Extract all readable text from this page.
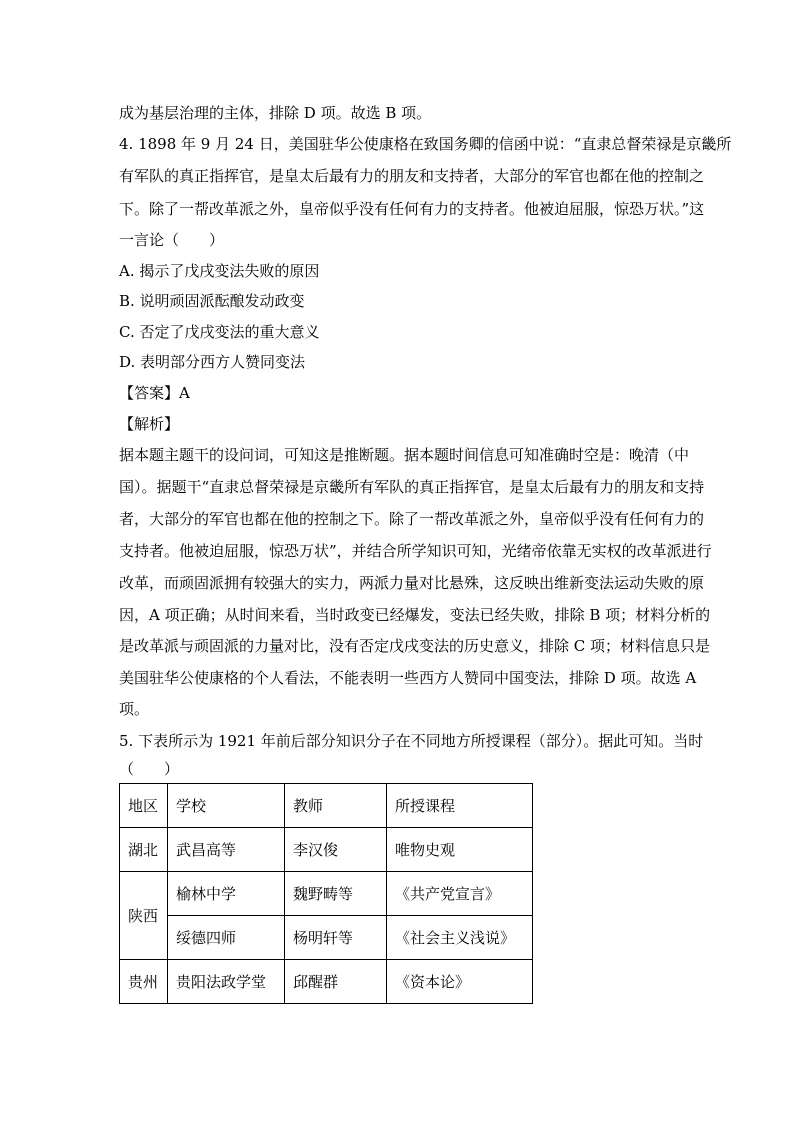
成为基层治理的主体，排除 D 项。故选 B 项。
4. 1898 年 9 月 24 日，美国驻华公使康格在致国务卿的信函中说：“直隶总督荣禄是京畿所
有军队的真正指挥官，是皇太后最有力的朋友和支持者，大部分的军官也都在他的控制之
下。除了一帮改革派之外，皇帝似乎没有任何有力的支持者。他被迫屈服，惊恐万状。”这
一言论（　　）
A. 揭示了戊戌变法失败的原因
B. 说明顽固派酝酿发动政变
C. 否定了戊戌变法的重大意义
D. 表明部分西方人赞同变法
【答案】A
【解析】
据本题主题干的设问词，可知这是推断题。据本题时间信息可知准确时空是：晚清（中
国）。据题干“直隶总督荣禄是京畿所有军队的真正指挥官，是皇太后最有力的朋友和支持
者，大部分的军官也都在他的控制之下。除了一帮改革派之外，皇帝似乎没有任何有力的
支持者。他被迫屈服，惊恐万状”，并结合所学知识可知，光绪帝依靠无实权的改革派进行
改革，而顽固派拥有较强大的实力，两派力量对比悬殊，这反映出维新变法运动失败的原
因，A 项正确；从时间来看，当时政变已经爆发，变法已经失败，排除 B 项；材料分析的
是改革派与顽固派的力量对比，没有否定戊戌变法的历史意义，排除 C 项；材料信息只是
美国驻华公使康格的个人看法，不能表明一些西方人赞同中国变法，排除 D 项。故选 A
项。
5. 下表所示为 1921 年前后部分知识分子在不同地方所授课程（部分）。据此可知。当时
（　　）
地区	学校	教师	所授课程
湖北	武昌高等	李汉俊	唯物史观
陕西	榆林中学	魏野畴等	《共产党宣言》
	绥德四师	杨明轩等	《社会主义浅说》
贵州	贵阳法政学堂	邱醒群	《资本论》
